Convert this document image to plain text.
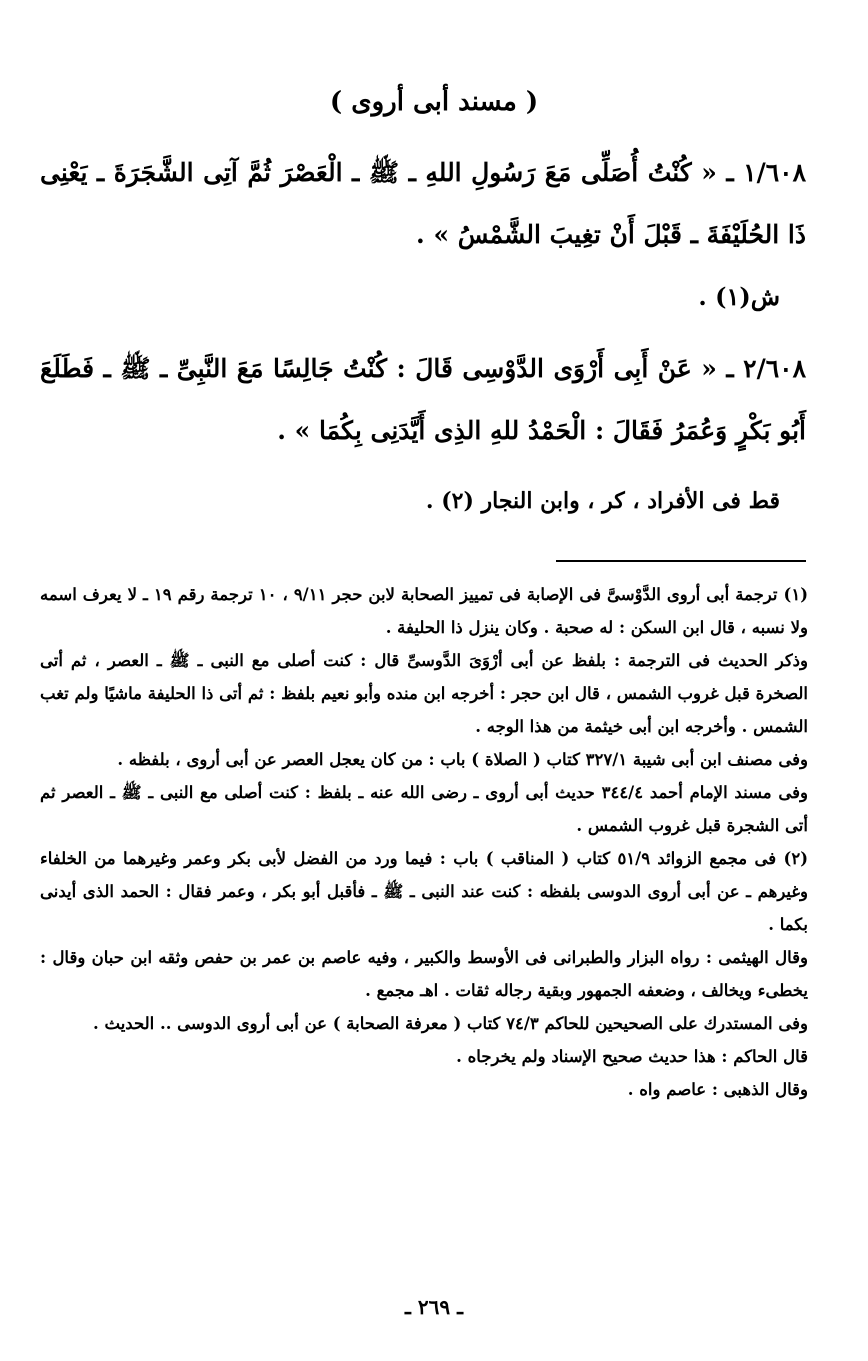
( مسند أبى أروى )

١/٦٠٨ ـ « كُنْتُ أُصَلِّى مَعَ رَسُولِ اللهِ ـ ﷺ ـ الْعَصْرَ ثُمَّ آتِى الشَّجَرَةَ ـ يَعْنِى ذَا الحُلَيْفَةَ ـ قَبْلَ أَنْ تغِيبَ الشَّمْسُ » .

ش(١) .

٢/٦٠٨ ـ « عَنْ أَبِى أَرْوَى الدَّوْسِى قَالَ : كُنْتُ جَالِسًا مَعَ النَّبِىِّ ـ ﷺ ـ فَطَلَعَ أَبُو بَكْرٍ وَعُمَرُ فَقَالَ : الْحَمْدُ للهِ الذِى أَيَّدَنِى بِكُمَا » .

قط فى الأفراد ، كر ، وابن النجار (٢) .

(١) ترجمة أبى أروى الدَّوْسىَّ فى الإصابة فى تمييز الصحابة لابن حجر ٩/١١ ، ١٠ ترجمة رقم ١٩ ـ لا يعرف اسمه ولا نسبه ، قال ابن السكن : له صحبة . وكان ينزل ذا الحليفة .

وذكر الحديث فى الترجمة : بلفظ عن أبى أرْوَىَ الدَّوسىِّ قال : كنت أصلى مع النبى ـ ﷺ ـ العصر ، ثم أتى الصخرة قبل غروب الشمس ، قال ابن حجر : أخرجه ابن منده وأبو نعيم بلفظ : ثم أتى ذا الحليفة ماشيًا ولم تغب الشمس . وأخرجه ابن أبى خيثمة من هذا الوجه .

وفى مصنف ابن أبى شيبة ٣٢٧/١ كتاب ( الصلاة ) باب : من كان يعجل العصر عن أبى أروى ، بلفظه .

وفى مسند الإمام أحمد ٣٤٤/٤ حديث أبى أروى ـ رضى الله عنه ـ بلفظ : كنت أصلى مع النبى ـ ﷺ ـ العصر ثم أتى الشجرة قبل غروب الشمس .

(٢) فى مجمع الزوائد ٥١/٩ كتاب ( المناقب ) باب : فيما ورد من الفضل لأبى بكر وعمر وغيرهما من الخلفاء وغيرهم ـ عن أبى أروى الدوسى بلفظه : كنت عند النبى ـ ﷺ ـ فأقبل أبو بكر ، وعمر فقال : الحمد الذى أيدنى بكما .

وقال الهيثمى : رواه البزار والطبرانى فى الأوسط والكبير ، وفيه عاصم بن عمر بن حفص وثقه ابن حبان وقال : يخطىء ويخالف ، وضعفه الجمهور وبقية رجاله ثقات . اهـ مجمع .

وفى المستدرك على الصحيحين للحاكم ٧٤/٣ كتاب ( معرفة الصحابة ) عن أبى أروى الدوسى .. الحديث .

قال الحاكم : هذا حديث صحيح الإسناد ولم يخرجاه .

وقال الذهبى : عاصم واه .

ـ ٢٦٩ ـ
